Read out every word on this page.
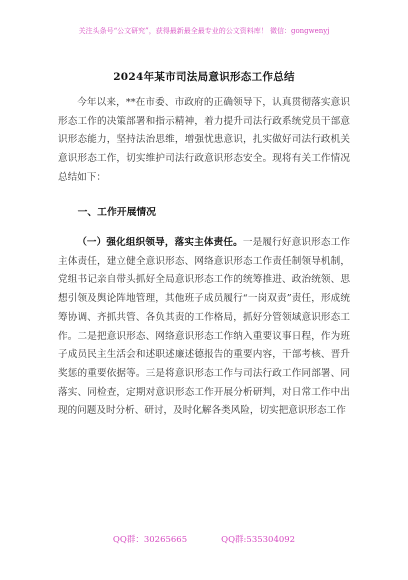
关注头条号“公文研究”，获得最新最全最专业的公文资料库！ 微信：gongwenyj
2024年某市司法局意识形态工作总结
今年以来，**在市委、市政府的正确领导下，认真贯彻落实意识形态工作的决策部署和指示精神，着力提升司法行政系统党员干部意识形态能力，坚持法治思维，增强忧患意识，扎实做好司法行政机关意识形态工作，切实维护司法行政意识形态安全。现将有关工作情况总结如下：
一、工作开展情况
（一）强化组织领导，落实主体责任。一是履行好意识形态工作主体责任，建立健全意识形态、网络意识形态工作责任制领导机制，党组书记亲自带头抓好全局意识形态工作的统筹推进、政治统领、思想引领及舆论阵地管理，其他班子成员履行“一岗双责”责任，形成统筹协调、齐抓共管、各负其责的工作格局，抓好分管领域意识形态工作。二是把意识形态、网络意识形态工作纳入重要议事日程，作为班子成员民主生活会和述职述廉述德报告的重要内容，干部考核、晋升奖惩的重要依据等。三是将意识形态工作与司法行政工作同部署、同落实、同检查，定期对意识形态工作开展分析研判，对日常工作中出现的问题及时分析、研讨，及时化解各类风险，切实把意识形态工作
QQ群：30265665	QQ群:535304092
